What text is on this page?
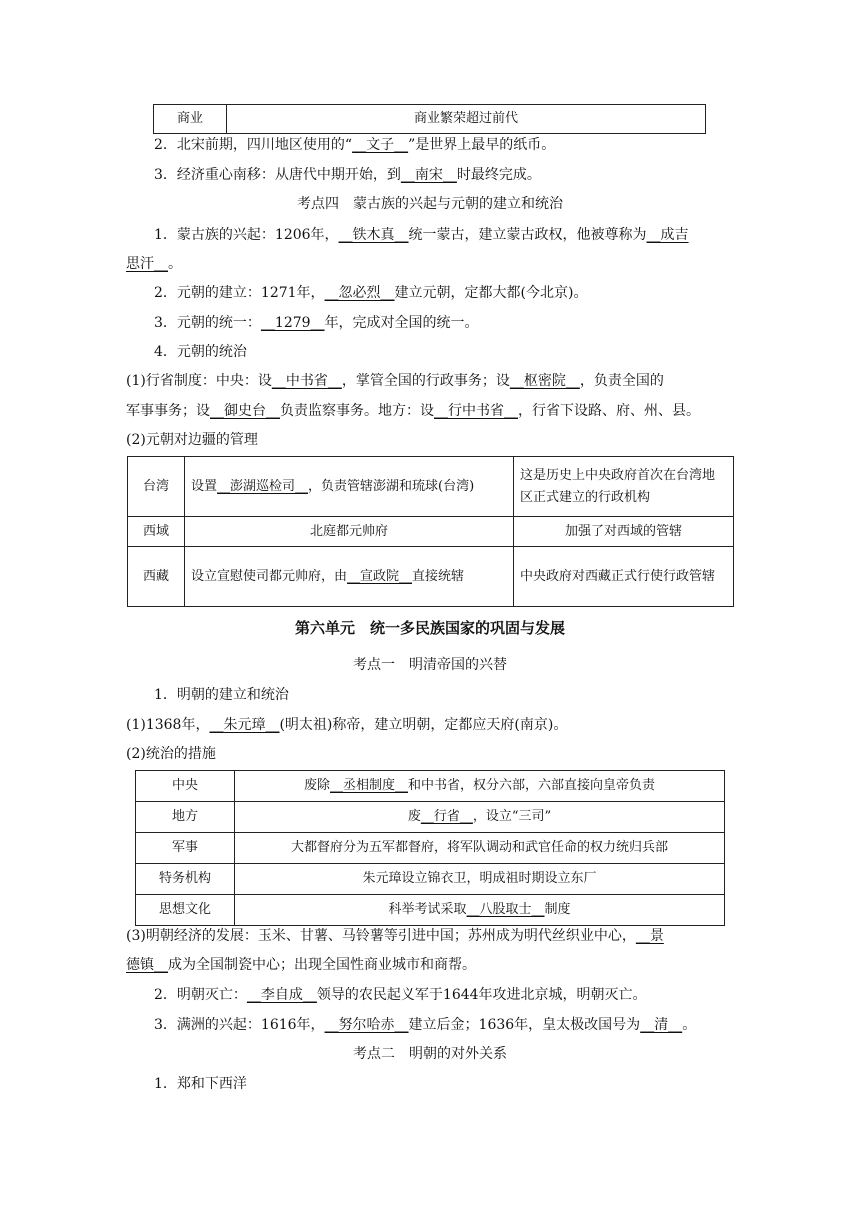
商业	商业繁荣超过前代
2．北宋前期，四川地区使用的“__文子__”是世界上最早的纸币。
3．经济重心南移：从唐代中期开始，到__南宋__时最终完成。
考点四　蒙古族的兴起与元朝的建立和统治
1．蒙古族的兴起：1206年，__铁木真__统一蒙古，建立蒙古政权，他被尊称为__成吉
思汗__。
2．元朝的建立：1271年，__忽必烈__建立元朝，定都大都(今北京)。
3．元朝的统一：__1279__年，完成对全国的统一。
4．元朝的统治
(1)行省制度：中央：设__中书省__，掌管全国的行政事务；设__枢密院__，负责全国的
军事事务；设__御史台__负责监察事务。地方：设__行中书省__，行省下设路、府、州、县。
(2)元朝对边疆的管理
台湾	设置__澎湖巡检司__，负责管辖澎湖和琉球(台湾)	这是历史上中央政府首次在台湾地区正式建立的行政机构
西域	北庭都元帅府	加强了对西域的管辖
西藏	设立宣慰使司都元帅府，由__宣政院__直接统辖	中央政府对西藏正式行使行政管辖
第六单元　统一多民族国家的巩固与发展
考点一　明清帝国的兴替
1．明朝的建立和统治
(1)1368年，__朱元璋__(明太祖)称帝，建立明朝，定都应天府(南京)。
(2)统治的措施
中央	废除__丞相制度__和中书省，权分六部，六部直接向皇帝负责
地方	废__行省__，设立“三司”
军事	大都督府分为五军都督府，将军队调动和武官任命的权力统归兵部
特务机构	朱元璋设立锦衣卫，明成祖时期设立东厂
思想文化	科举考试采取__八股取士__制度
(3)明朝经济的发展：玉米、甘薯、马铃薯等引进中国；苏州成为明代丝织业中心，__景
德镇__成为全国制瓷中心；出现全国性商业城市和商帮。
2．明朝灭亡：__李自成__领导的农民起义军于1644年攻进北京城，明朝灭亡。
3．满洲的兴起：1616年，__努尔哈赤__建立后金；1636年，皇太极改国号为__清__。
考点二　明朝的对外关系
1．郑和下西洋
